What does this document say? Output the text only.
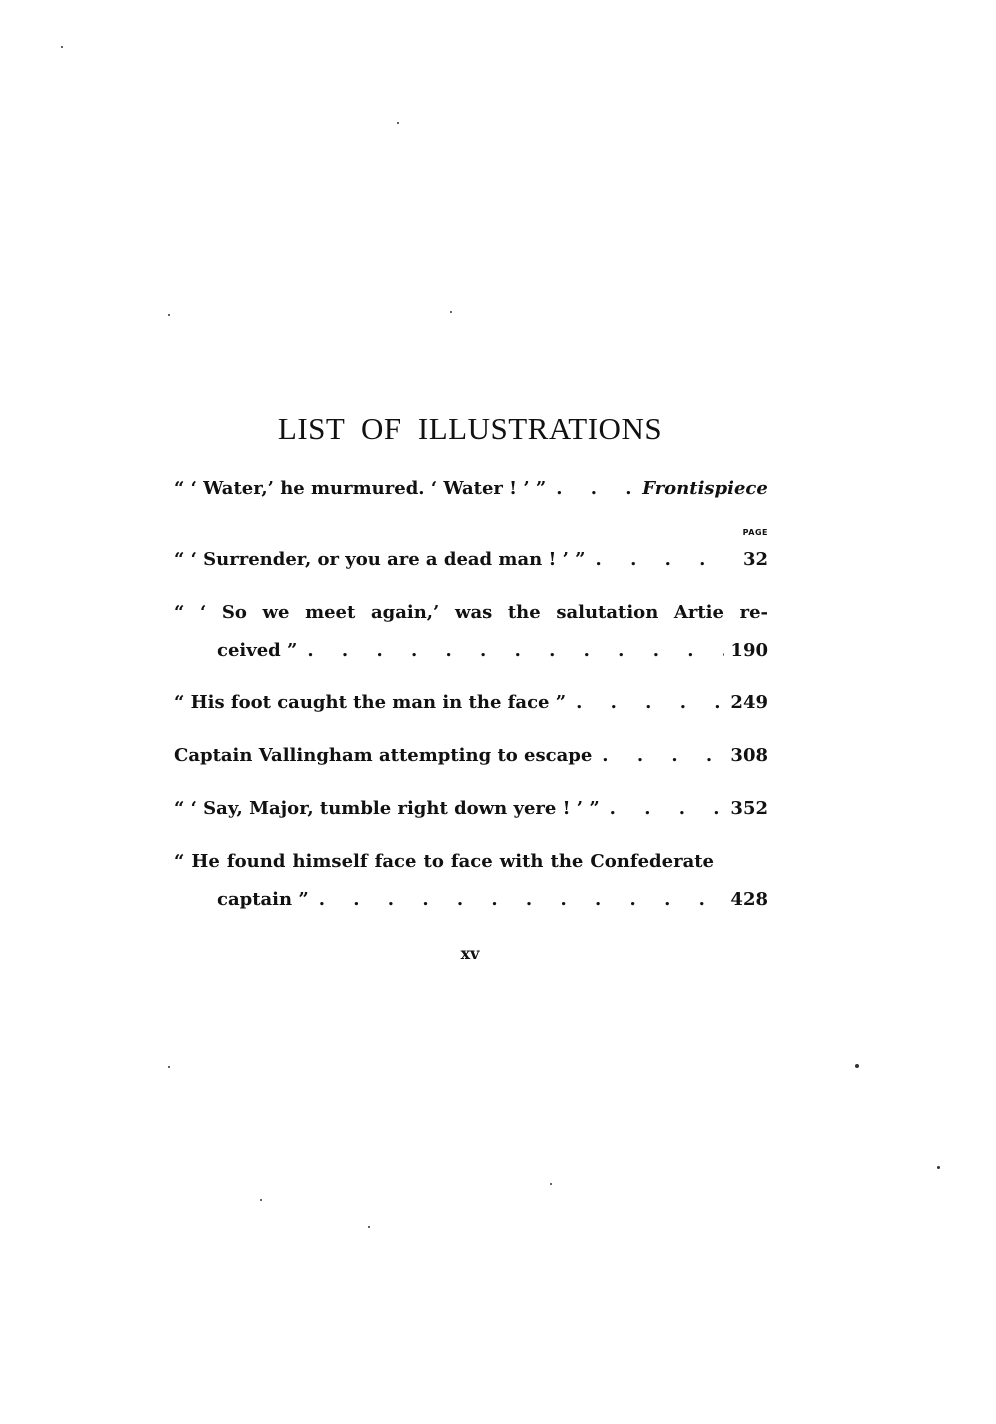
LIST OF ILLUSTRATIONS
“ ‘ Water,’ he murmured. ‘ Water ! ’ ” . . .	Frontispiece
PAGE
“ ‘ Surrender, or you are a dead man ! ’ ” . . .	32
“ ‘ So we meet again,’ was the salutation Artie re-
ceived ” . . .	190
“ His foot caught the man in the face ” . . .	249
Captain Vallingham attempting to escape . . .	308
“ ‘ Say, Major, tumble right down yere ! ’ ” . . .	352
“ He found himself face to face with the Confederate
captain ” . . .	428
xv
